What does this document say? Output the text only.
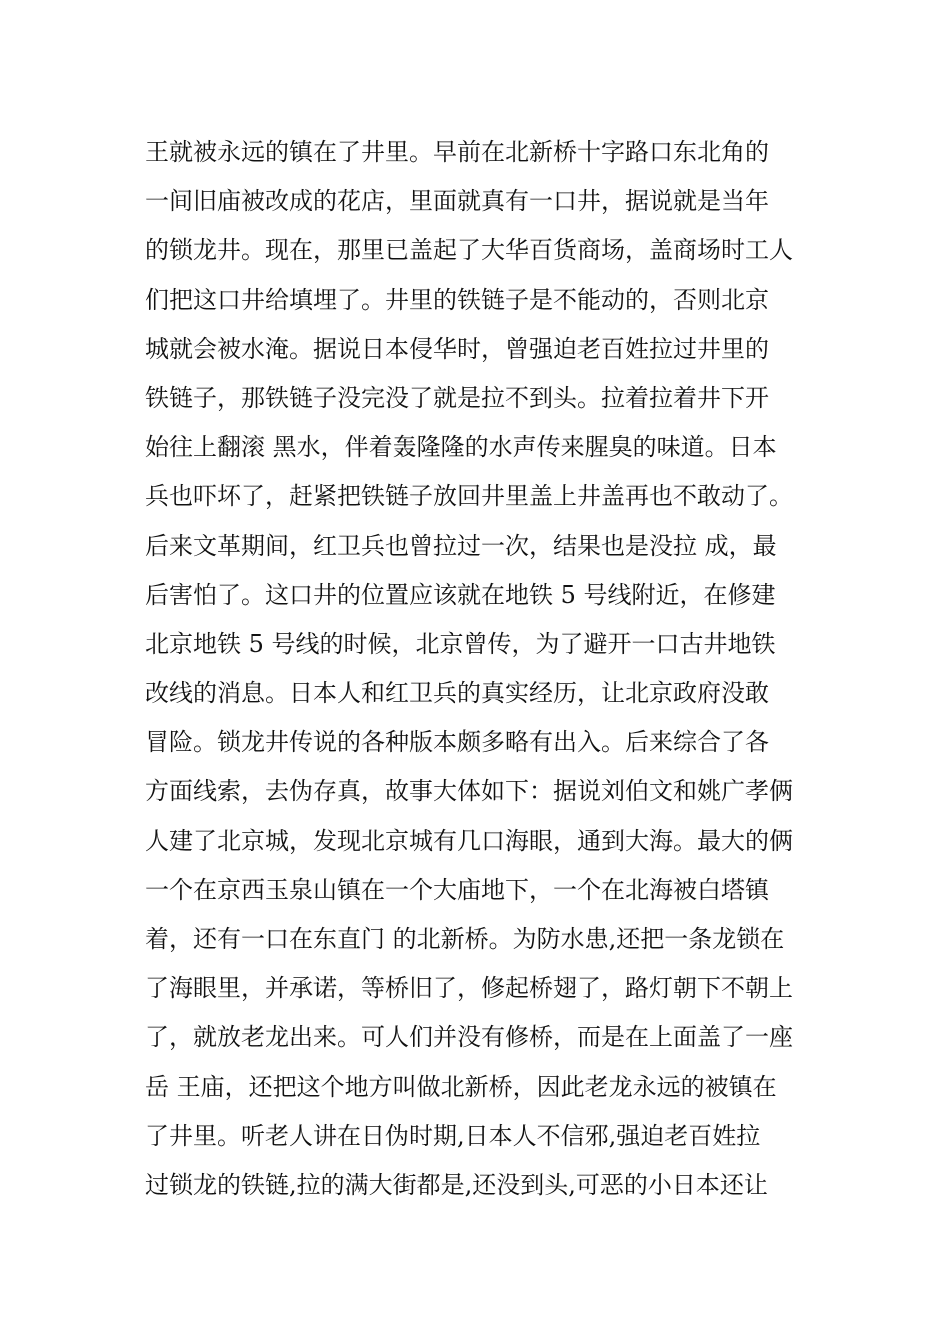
王就被永远的镇在了井里。早前在北新桥十字路口东北角的
一间旧庙被改成的花店，里面就真有一口井，据说就是当年
的锁龙井。现在，那里已盖起了大华百货商场，盖商场时工人
们把这口井给填埋了。井里的铁链子是不能动的，否则北京
城就会被水淹。据说日本侵华时，曾强迫老百姓拉过井里的
铁链子，那铁链子没完没了就是拉不到头。拉着拉着井下开
始往上翻滚 黑水，伴着轰隆隆的水声传来腥臭的味道。日本
兵也吓坏了，赶紧把铁链子放回井里盖上井盖再也不敢动了。
后来文革期间，红卫兵也曾拉过一次，结果也是没拉 成，最
后害怕了。这口井的位置应该就在地铁 5 号线附近，在修建
北京地铁 5 号线的时候，北京曾传，为了避开一口古井地铁
改线的消息。日本人和红卫兵的真实经历，让北京政府没敢
冒险。锁龙井传说的各种版本颇多略有出入。后来综合了各
方面线索，去伪存真，故事大体如下：据说刘伯文和姚广孝俩
人建了北京城，发现北京城有几口海眼，通到大海。最大的俩
一个在京西玉泉山镇在一个大庙地下，一个在北海被白塔镇
着，还有一口在东直门 的北新桥。为防水患,还把一条龙锁在
了海眼里，并承诺，等桥旧了，修起桥翅了，路灯朝下不朝上
了，就放老龙出来。可人们并没有修桥，而是在上面盖了一座
岳 王庙，还把这个地方叫做北新桥，因此老龙永远的被镇在
了井里。听老人讲在日伪时期,日本人不信邪,强迫老百姓拉
过锁龙的铁链,拉的满大街都是,还没到头,可恶的小日本还让
